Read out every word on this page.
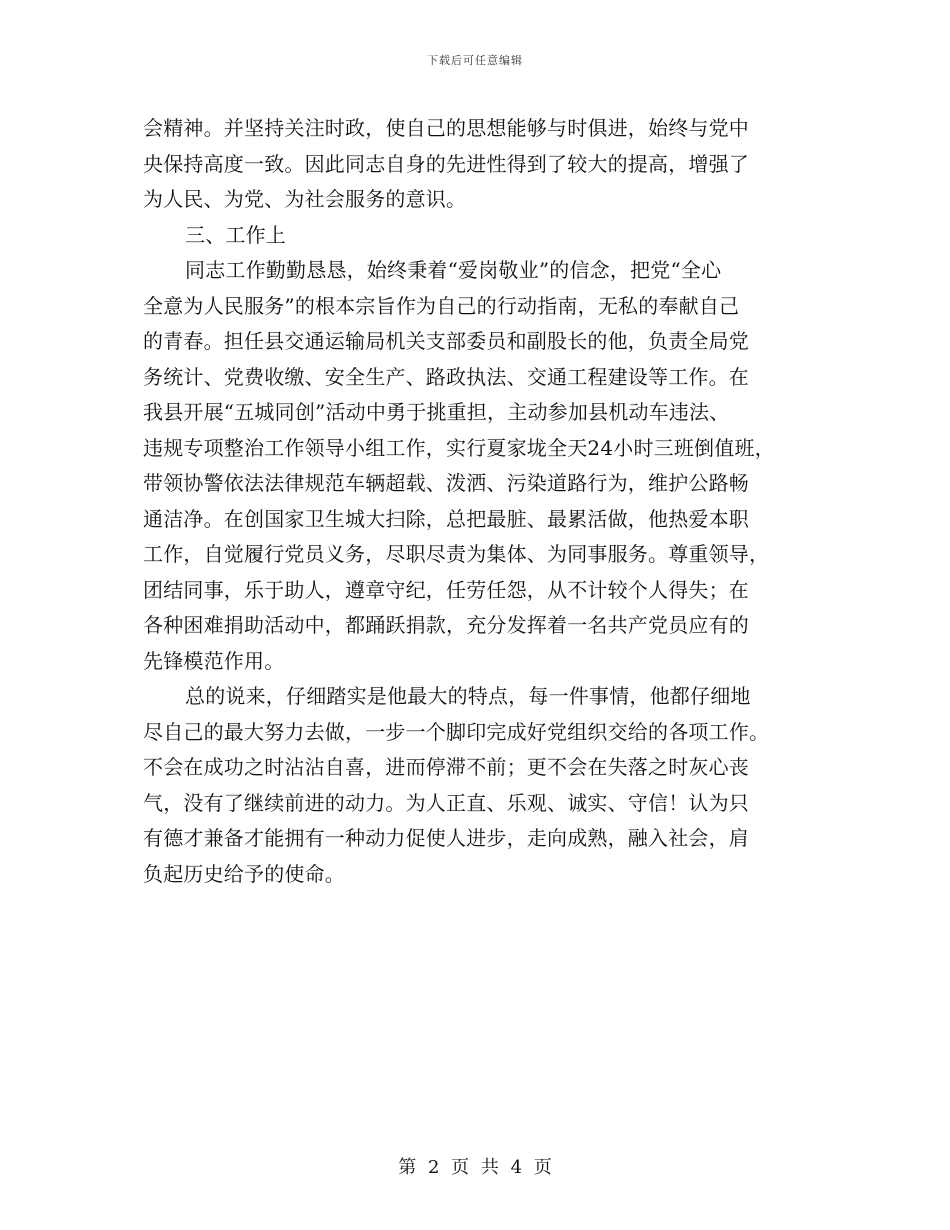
下载后可任意编辑
会精神。并坚持关注时政，使自己的思想能够与时俱进，始终与党中
央保持高度一致。因此同志自身的先进性得到了较大的提高，增强了
为人民、为党、为社会服务的意识。
三、工作上
同志工作勤勤恳恳，始终秉着“爱岗敬业”的信念，把党“全心
全意为人民服务”的根本宗旨作为自己的行动指南，无私的奉献自己
的青春。担任县交通运输局机关支部委员和副股长的他，负责全局党
务统计、党费收缴、安全生产、路政执法、交通工程建设等工作。在
我县开展“五城同创”活动中勇于挑重担，主动参加县机动车违法、
违规专项整治工作领导小组工作，实行夏家垅全天24小时三班倒值班，
带领协警依法法律规范车辆超载、泼洒、污染道路行为，维护公路畅
通洁净。在创国家卫生城大扫除，总把最脏、最累活做，他热爱本职
工作，自觉履行党员义务，尽职尽责为集体、为同事服务。尊重领导，
团结同事，乐于助人，遵章守纪，任劳任怨，从不计较个人得失；在
各种困难捐助活动中，都踊跃捐款，充分发挥着一名共产党员应有的
先锋模范作用。
总的说来，仔细踏实是他最大的特点，每一件事情，他都仔细地
尽自己的最大努力去做，一步一个脚印完成好党组织交给的各项工作。
不会在成功之时沾沾自喜，进而停滞不前；更不会在失落之时灰心丧
气，没有了继续前进的动力。为人正直、乐观、诚实、守信！认为只
有德才兼备才能拥有一种动力促使人进步，走向成熟，融入社会，肩
负起历史给予的使命。
第 2 页 共 4 页
